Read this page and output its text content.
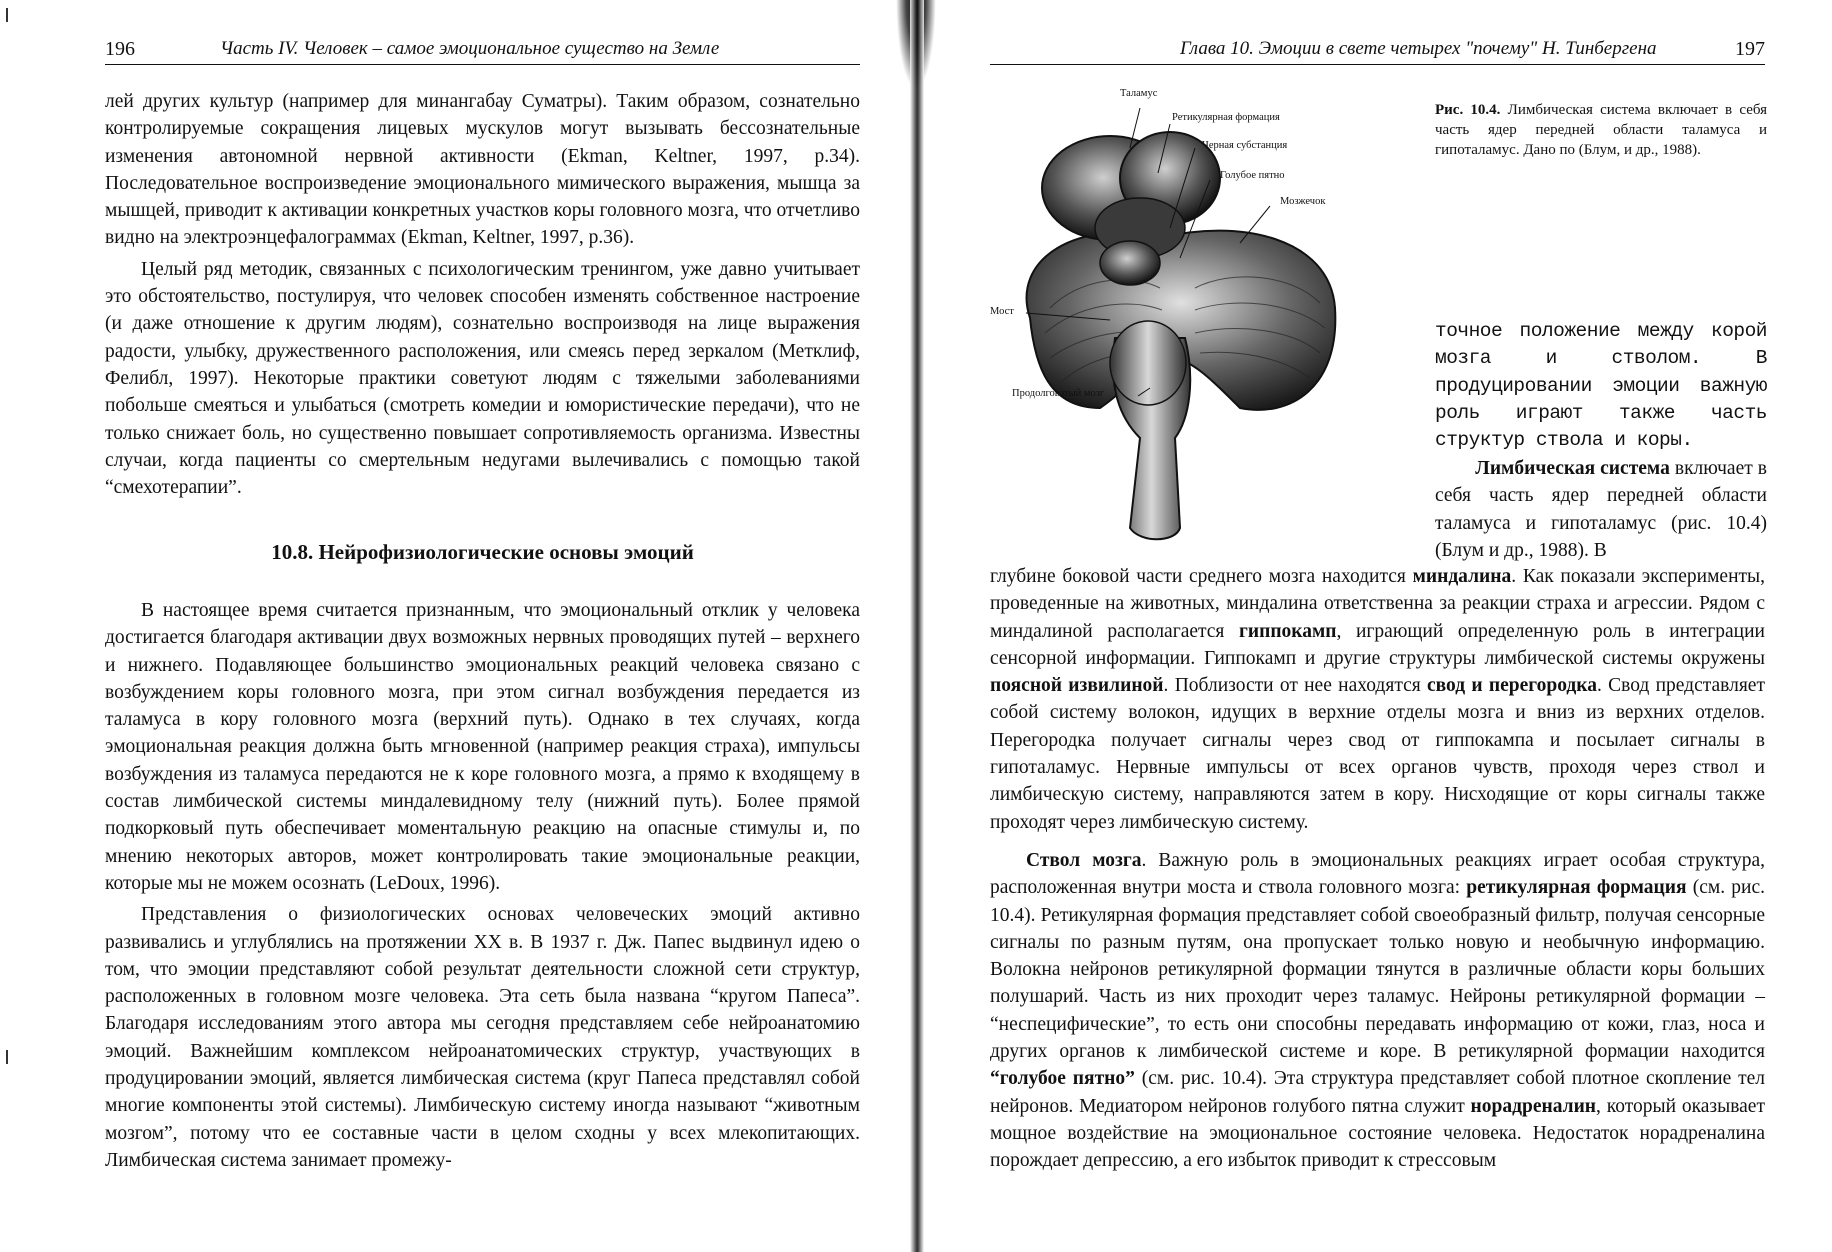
196	Часть IV. Человек – самое эмоциональное существо на Земле

лей других культур (например для минангабау Суматры). Таким образом, сознательно контролируемые сокращения лицевых мускулов могут вызывать бессознательные изменения автономной нервной активности (Ekman, Keltner, 1997, p.34). Последовательное воспроизведение эмоционального мимического выражения, мышца за мышцей, приводит к активации конкретных участков коры головного мозга, что отчетливо видно на электроэнцефалограммах (Ekman, Keltner, 1997, p.36).

Целый ряд методик, связанных с психологическим тренингом, уже давно учитывает это обстоятельство, постулируя, что человек способен изменять собственное настроение (и даже отношение к другим людям), сознательно воспроизводя на лице выражения радости, улыбку, дружественного расположения, или смеясь перед зеркалом (Метклиф, Фелибл, 1997). Некоторые практики советуют людям с тяжелыми заболеваниями побольше смеяться и улыбаться (смотреть комедии и юмористические передачи), что не только снижает боль, но существенно повышает сопротивляемость организма. Известны случаи, когда пациенты со смертельным недугами вылечивались с помощью такой “смехотерапии”.

10.8. Нейрофизиологические основы эмоций

В настоящее время считается признанным, что эмоциональный отклик у человека достигается благодаря активации двух возможных нервных проводящих путей – верхнего и нижнего. Подавляющее большинство эмоциональных реакций человека связано с возбуждением коры головного мозга, при этом сигнал возбуждения передается из таламуса в кору головного мозга (верхний путь). Однако в тех случаях, когда эмоциональная реакция должна быть мгновенной (например реакция страха), импульсы возбуждения из таламуса передаются не к коре головного мозга, а прямо к входящему в состав лимбической системы миндалевидному телу (нижний путь). Более прямой подкорковый путь обеспечивает моментальную реакцию на опасные стимулы и, по мнению некоторых авторов, может контролировать такие эмоциональные реакции, которые мы не можем осознать (LeDoux, 1996).

Представления о физиологических основах человеческих эмоций активно развивались и углублялись на протяжении XX в. В 1937 г. Дж. Папес выдвинул идею о том, что эмоции представляют собой результат деятельности сложной сети структур, расположенных в головном мозге человека. Эта сеть была названа “кругом Папеса”. Благодаря исследованиям этого автора мы сегодня представляем себе нейроанатомию эмоций. Важнейшим комплексом нейроанатомических структур, участвующих в продуцировании эмоций, является лимбическая система (круг Папеса представлял собой многие компоненты этой системы). Лимбическую систему иногда называют “животным мозгом”, потому что ее составные части в целом сходны у всех млекопитающих. Лимбическая система занимает промежу-

Глава 10. Эмоции в свете четырех "почему" Н. Тинбергена	197
Таламус
Ретикулярная формация
Черная субстанция
Голубое пятно
Мозжечок
Мост
Продолговатый мозг
Рис. 10.4. Лимбическая система включает в себя часть ядер передней области таламуса и гипоталамус. Дано по (Блум, и др., 1988).
точное положение между корой мозга и стволом. В продуцировании эмоции важную роль играют также часть структур ствола и коры.
Лимбическая система включает в себя часть ядер передней области таламуса и гипоталамус (рис. 10.4) (Блум и др., 1988). В

глубине боковой части среднего мозга находится миндалина. Как показали эксперименты, проведенные на животных, миндалина ответственна за реакции страха и агрессии. Рядом с миндалиной располагается гиппокамп, играющий определенную роль в интеграции сенсорной информации. Гиппокамп и другие структуры лимбической системы окружены поясной извилиной. Поблизости от нее находятся свод и перегородка. Свод представляет собой систему волокон, идущих в верхние отделы мозга и вниз из верхних отделов. Перегородка получает сигналы через свод от гиппокампа и посылает сигналы в гипоталамус. Нервные импульсы от всех органов чувств, проходя через ствол и лимбическую систему, направляются затем в кору. Нисходящие от коры сигналы также проходят через лимбическую систему.

Ствол мозга. Важную роль в эмоциональных реакциях играет особая структура, расположенная внутри моста и ствола головного мозга: ретикулярная формация (см. рис. 10.4). Ретикулярная формация представляет собой своеобразный фильтр, получая сенсорные сигналы по разным путям, она пропускает только новую и необычную информацию. Волокна нейронов ретикулярной формации тянутся в различные области коры больших полушарий. Часть из них проходит через таламус. Нейроны ретикулярной формации – “неспецифические”, то есть они способны передавать информацию от кожи, глаз, носа и других органов к лимбической системе и коре. В ретикулярной формации находится “голубое пятно” (см. рис. 10.4). Эта структура представляет собой плотное скопление тел нейронов. Медиатором нейронов голубого пятна служит норадреналин, который оказывает мощное воздействие на эмоциональное состояние человека. Недостаток норадреналина порождает депрессию, а его избыток приводит к стрессовым
